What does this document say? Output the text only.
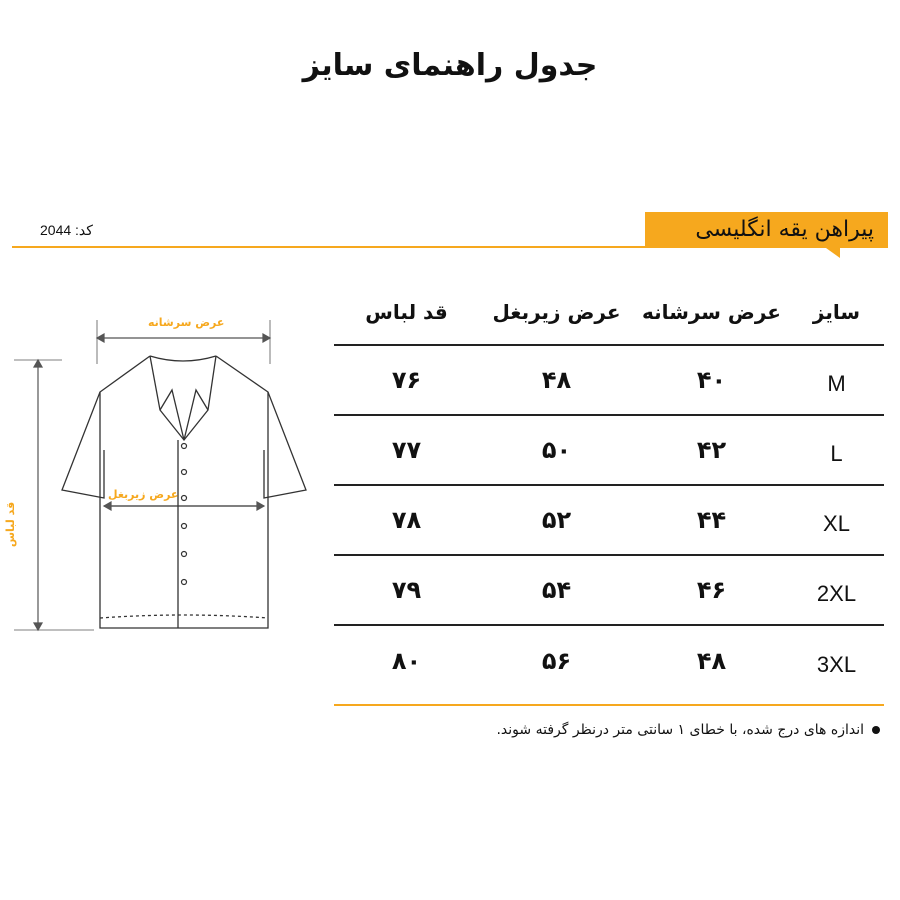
جدول راهنمای سایز
پیراهن یقه انگلیسی
کد: 2044
عرض سرشانه
عرض زیربغل
قد لباس
سایز
عرض سرشانه
عرض زیربغل
قد لباس
M
۴۰
۴۸
۷۶
L
۴۲
۵۰
۷۷
XL
۴۴
۵۲
۷۸
2XL
۴۶
۵۴
۷۹
3XL
۴۸
۵۶
۸۰
اندازه های درج شده، با خطای ۱ سانتی متر درنظر گرفته شوند.
